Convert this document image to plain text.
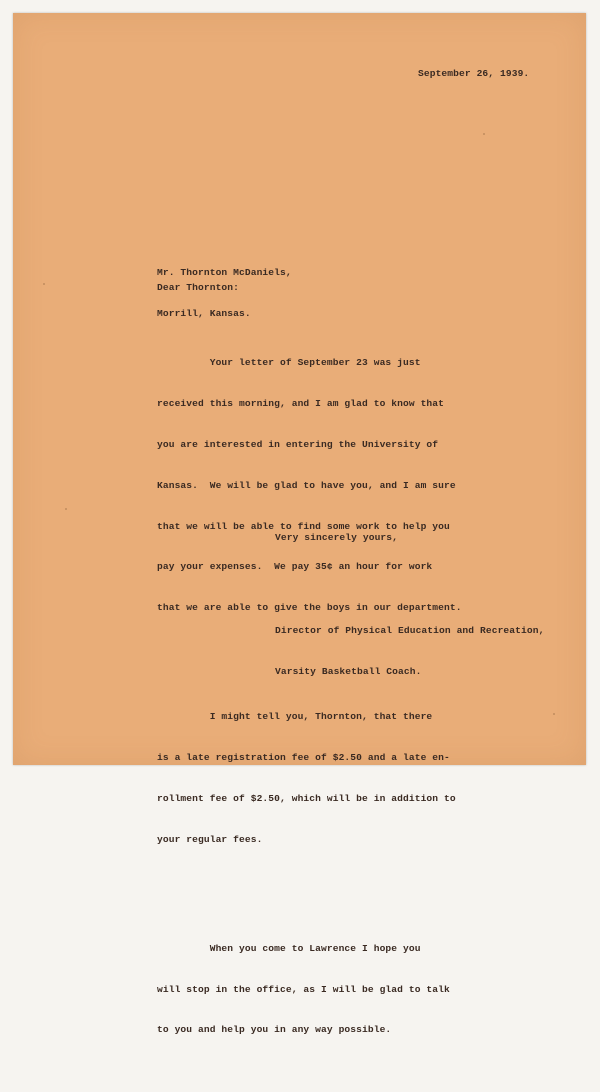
September 26, 1939.

Mr. Thornton McDaniels,

Morrill, Kansas.

Dear Thornton:

Your letter of September 23 was just

received this morning, and I am glad to know that

you are interested in entering the University of

Kansas.  We will be glad to have you, and I am sure

that we will be able to find some work to help you

pay your expenses.  We pay 35¢ an hour for work

that we are able to give the boys in our department.

I might tell you, Thornton, that there

is a late registration fee of $2.50 and a late en-

rollment fee of $2.50, which will be in addition to

your regular fees.

When you come to Lawrence I hope you

will stop in the office, as I will be glad to talk

to you and help you in any way possible.

Very sincerely yours,

Director of Physical Education and Recreation,

Varsity Basketball Coach.
